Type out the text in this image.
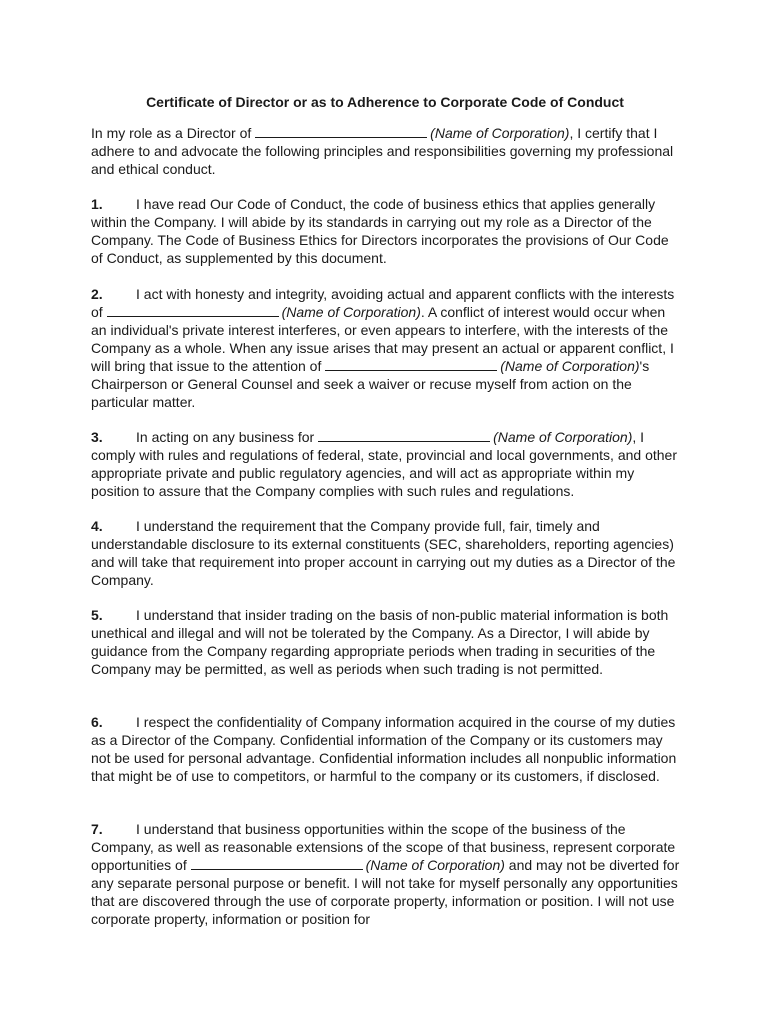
Certificate of Director or as to Adherence to Corporate Code of Conduct

In my role as a Director of	(Name of Corporation), I certify that I adhere to and advocate the following principles and responsibilities governing my professional and ethical conduct.

1. I have read Our Code of Conduct, the code of business ethics that applies generally within the Company. I will abide by its standards in carrying out my role as a Director of the Company. The Code of Business Ethics for Directors incorporates the provisions of Our Code of Conduct, as supplemented by this document.

2. I act with honesty and integrity, avoiding actual and apparent conflicts with the interests of	(Name of Corporation). A conflict of interest would occur when an individual's private interest interferes, or even appears to interfere, with the interests of the Company as a whole. When any issue arises that may present an actual or apparent conflict, I will bring that issue to the attention of	(Name of Corporation)'s Chairperson or General Counsel and seek a waiver or recuse myself from action on the particular matter.

3. In acting on any business for	(Name of Corporation), I comply with rules and regulations of federal, state, provincial and local governments, and other appropriate private and public regulatory agencies, and will act as appropriate within my position to assure that the Company complies with such rules and regulations.

4. I understand the requirement that the Company provide full, fair, timely and understandable disclosure to its external constituents (SEC, shareholders, reporting agencies) and will take that requirement into proper account in carrying out my duties as a Director of the Company.

5. I understand that insider trading on the basis of non-public material information is both unethical and illegal and will not be tolerated by the Company. As a Director, I will abide by guidance from the Company regarding appropriate periods when trading in securities of the Company may be permitted, as well as periods when such trading is not permitted.

6. I respect the confidentiality of Company information acquired in the course of my duties as a Director of the Company. Confidential information of the Company or its customers may not be used for personal advantage. Confidential information includes all nonpublic information that might be of use to competitors, or harmful to the company or its customers, if disclosed.

7. I understand that business opportunities within the scope of the business of the Company, as well as reasonable extensions of the scope of that business, represent corporate opportunities of	(Name of Corporation) and may not be diverted for any separate personal purpose or benefit. I will not take for myself personally any opportunities that are discovered through the use of corporate property, information or position. I will not use corporate property, information or position for
